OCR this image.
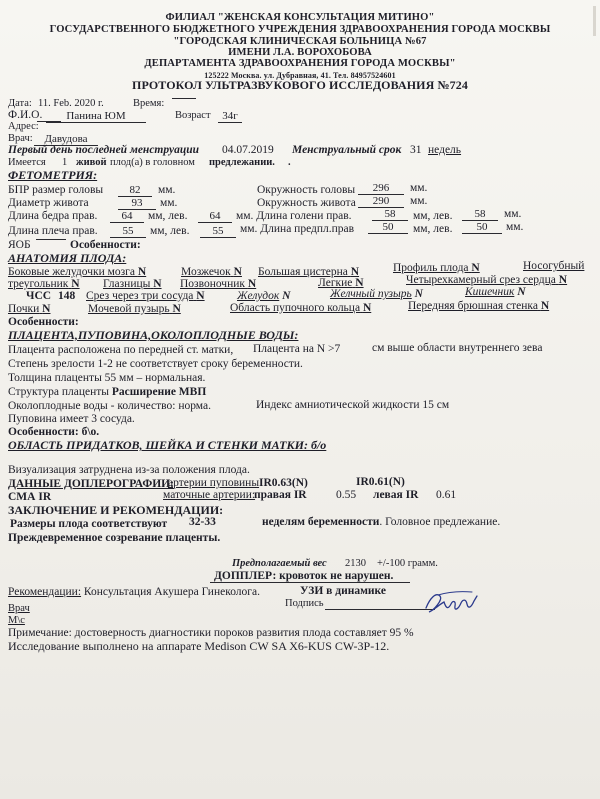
ФИЛИАЛ "ЖЕНСКАЯ КОНСУЛЬТАЦИЯ МИТИНО"
ГОСУДАРСТВЕННОГО БЮДЖЕТНОГО УЧРЕЖДЕНИЯ ЗДРАВООХРАНЕНИЯ ГОРОДА МОСКВЫ
"ГОРОДСКАЯ КЛИНИЧЕСКАЯ БОЛЬНИЦА №67
ИМЕНИ Л.А. ВОРОХОБОВА
ДЕПАРТАМЕНТА ЗДРАВООХРАНЕНИЯ ГОРОДА МОСКВЫ"
125222 Москва. ул. Дубравная, 41. Тел. 84957524601
ПРОТОКОЛ УЛЬТРАЗВУКОВОГО ИССЛЕДОВАНИЯ №724
Дата: 11. Feb. 2020 г.	Время:
Ф.И.О.	Панина ЮМ	Возраст	34г
Адрес:
Врач:	Давудова
Первый день последней менструации 04.07.2019 Менструальный срок 31 недель
Имеется 1 живой плод(а) в головном предлежании. .
ФЕТОМЕТРИЯ:
БПР размер головы	82	мм.	Окружность головы	296	мм.
Диаметр живота	93	мм.	Окружность живота	290	мм.
Длина бедра прав.	64	мм, лев.	64	мм. Длина голени прав.	58	мм, лев.	58	мм.
Длина плеча прав.	55	мм, лев.	55	мм. Длина предпл.прав	50	мм, лев.	50	мм.
ЯОБ	Особенности:
АНАТОМИЯ ПЛОДА:
Боковые желудочки мозга N	Мозжечок N Большая цистерна N	Профиль плода N	Носогубный
треугольник N Глазницы N Позвоночник N	Легкие N	Четырехкамерный срез сердца N
ЧСС 148 Срез через три сосуда N	Желудок N	Желчный пузырь N	Кишечник N
Почки N	Мочевой пузырь N	Область пупочного кольца N	Передняя брюшная стенка N
Особенности:
ПЛАЦЕНТА,ПУПОВИНА,ОКОЛОПЛОДНЫЕ ВОДЫ:
Плацента расположена по передней ст. матки, Плацента на N >7	см выше области внутреннего зева
Степень зрелости 1-2 не соответствует сроку беременности.
Толщина плаценты 55 мм – нормальная.
Структура плаценты Расширение МВП
Околоплодные воды - количество: норма.	Индекс амниотической жидкости 15 см
Пуповина имеет 3 сосуда.
Особенности: б\о.
ОБЛАСТЬ ПРИДАТКОВ, ШЕЙКА И СТЕНКИ МАТКИ: б/о
Визуализация затруднена из-за положения плода.
ДАННЫЕ ДОПЛЕРОГРАФИИ:
артерии пуповины IR0.63(N)	IR0.61(N)
СМА IR	маточные артерии:
правая IR	0.55 левая IR 0.61
ЗАКЛЮЧЕНИЕ И РЕКОМЕНДАЦИИ:
Размеры плода соответствуют 32-33	неделям беременности. Головное предлежание.
Преждевременное созревание плаценты.
Предполагаемый вес 2130 +/-100 грамм.
ДОППЛЕР: кровоток не нарушен.
Рекомендации: Консультация Акушера Гинеколога.	УЗИ в динамике
Подпись
Врач
М\с
Примечание: достоверность диагностики пороков развития плода составляет 95 %
Исследование выполнено на аппарате Medison CW SA X6-KUS CW-3P-12.
